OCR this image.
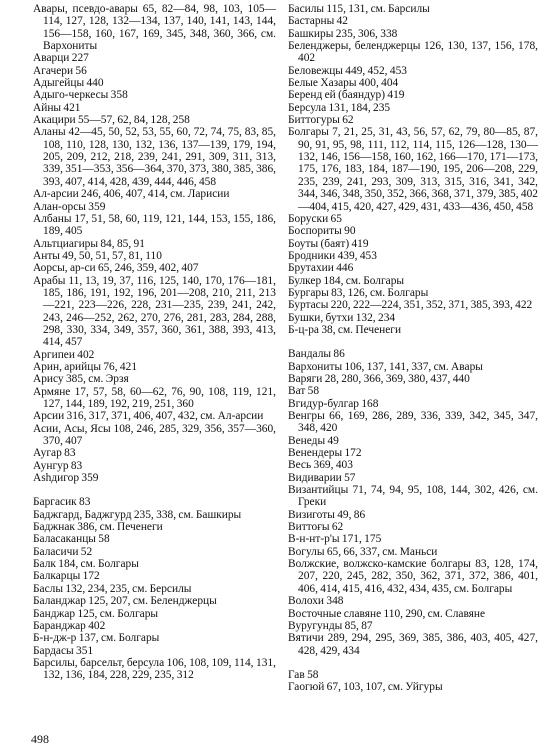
Авары, псевдо-авары 65, 82—84, 98, 103, 105—114, 127, 128, 132—134, 137, 140, 141, 143, 144, 156—158, 160, 167, 169, 345, 348, 360, 366, см. Вархониты
Аварци 227
Агачери 56
Адыгейцы 440
Адыго-черкесы 358
Айны 421
Акацири 55—57, 62, 84, 128, 258
Аланы 42—45, 50, 52, 53, 55, 60, 72, 74, 75, 83, 85, 108, 110, 128, 130, 132, 136, 137—139, 179, 194, 205, 209, 212, 218, 239, 241, 291, 309, 311, 313, 339, 351—353, 356—364, 370, 373, 380, 385, 386, 393, 407, 414, 428, 439, 444, 446, 458
Ал-арсии 246, 406, 407, 414, см. Ларисии
Алан-орсы 359
Албаны 17, 51, 58, 60, 119, 121, 144, 153, 155, 186, 189, 405
Альтциагиры 84, 85, 91
Анты 49, 50, 51, 57, 81, 110
Аорсы, ар-си 65, 246, 359, 402, 407
Арабы 11, 13, 19, 37, 116, 125, 140, 170, 176—181, 185, 186, 191, 192, 196, 201—208, 210, 211, 213—221, 223—226, 228, 231—235, 239, 241, 242, 243, 246—252, 262, 270, 276, 281, 283, 284, 288, 298, 330, 334, 349, 357, 360, 361, 388, 393, 413, 414, 457
Аргипеи 402
Арин, арийцы 76, 421
Арису 385, см. Эрзя
Армяне 17, 57, 58, 60—62, 76, 90, 108, 119, 121, 127, 144, 189, 192, 219, 251, 360
Арсии 316, 317, 371, 406, 407, 432, см. Ал-арсии
Асии, Асы, Ясы 108, 246, 285, 329, 356, 357—360, 370, 407
Аугар 83
Аунгур 83
Аshдигор 359
Баргасик 83
Баджгард, Баджгурд 235, 338, см. Башкиры
Баджнак 386, см. Печенеги
Баласаканцы 58
Баласичи 52
Балк 184, см. Болгары
Балкарцы 172
Баслы 132, 234, 235, см. Берсилы
Баланджар 125, 207, см. Беленджерцы
Банджар 125, см. Болгары
Баранджар 402
Б-н-дж-р 137, см. Болгары
Бардасы 351
Барсилы, барсельт, берсула 106, 108, 109, 114, 131, 132, 136, 184, 228, 229, 235, 312
Басилы 115, 131, см. Барсилы
Бастарны 42
Башкиры 235, 306, 338
Беленджеры, беленджерцы 126, 130, 137, 156, 178, 402
Беловежцы 449, 452, 453
Белые Хазары 400, 404
Беренд ей (баяндур) 419
Берсула 131, 184, 235
Биттогуры 62
Болгары 7, 21, 25, 31, 43, 56, 57, 62, 79, 80—85, 87, 90, 91, 95, 98, 111, 112, 114, 115, 126—128, 130—132, 146, 156—158, 160, 162, 166—170, 171—173, 175, 176, 183, 184, 187—190, 195, 206—208, 229, 235, 239, 241, 293, 309, 313, 315, 316, 341, 342, 344, 346, 348, 350, 352, 366, 368, 371, 379, 385, 402—404, 415, 420, 427, 429, 431, 433—436, 450, 458
Боруски 65
Боспориты 90
Боуты (баят) 419
Бродники 439, 453
Брутахии 446
Булкер 184, см. Болгары
Бургары 83, 126, см. Болгары
Буртасы 220, 222—224, 351, 352, 371, 385, 393, 422
Бушки, бутхи 132, 234
Б-ц-ра 38, см. Печенеги
Вандалы 86
Вархониты 106, 137, 141, 337, см. Авары
Варяги 28, 280, 366, 369, 380, 437, 440
Ват 58
Вгидур-булгар 168
Венгры 66, 169, 286, 289, 336, 339, 342, 345, 347, 348, 420
Венеды 49
Венендеры 172
Весь 369, 403
Видиварии 57
Византийцы 71, 74, 94, 95, 108, 144, 302, 426, см. Греки
Визиготы 49, 86
Виттоғы 62
В-н-нт-р'ы 171, 175
Вогулы 65, 66, 337, см. Маньси
Волжские, волжско-камские болгары 83, 128, 174, 207, 220, 245, 282, 350, 362, 371, 372, 386, 401, 406, 414, 415, 416, 432, 434, 435, см. Болгары
Волохи 348
Восточные славяне 110, 290, см. Славяне
Вуругунды 85, 87
Вятичи 289, 294, 295, 369, 385, 386, 403, 405, 427, 428, 429, 434
Гав 58
Гаогюй 67, 103, 107, см. Уйгуры
498
